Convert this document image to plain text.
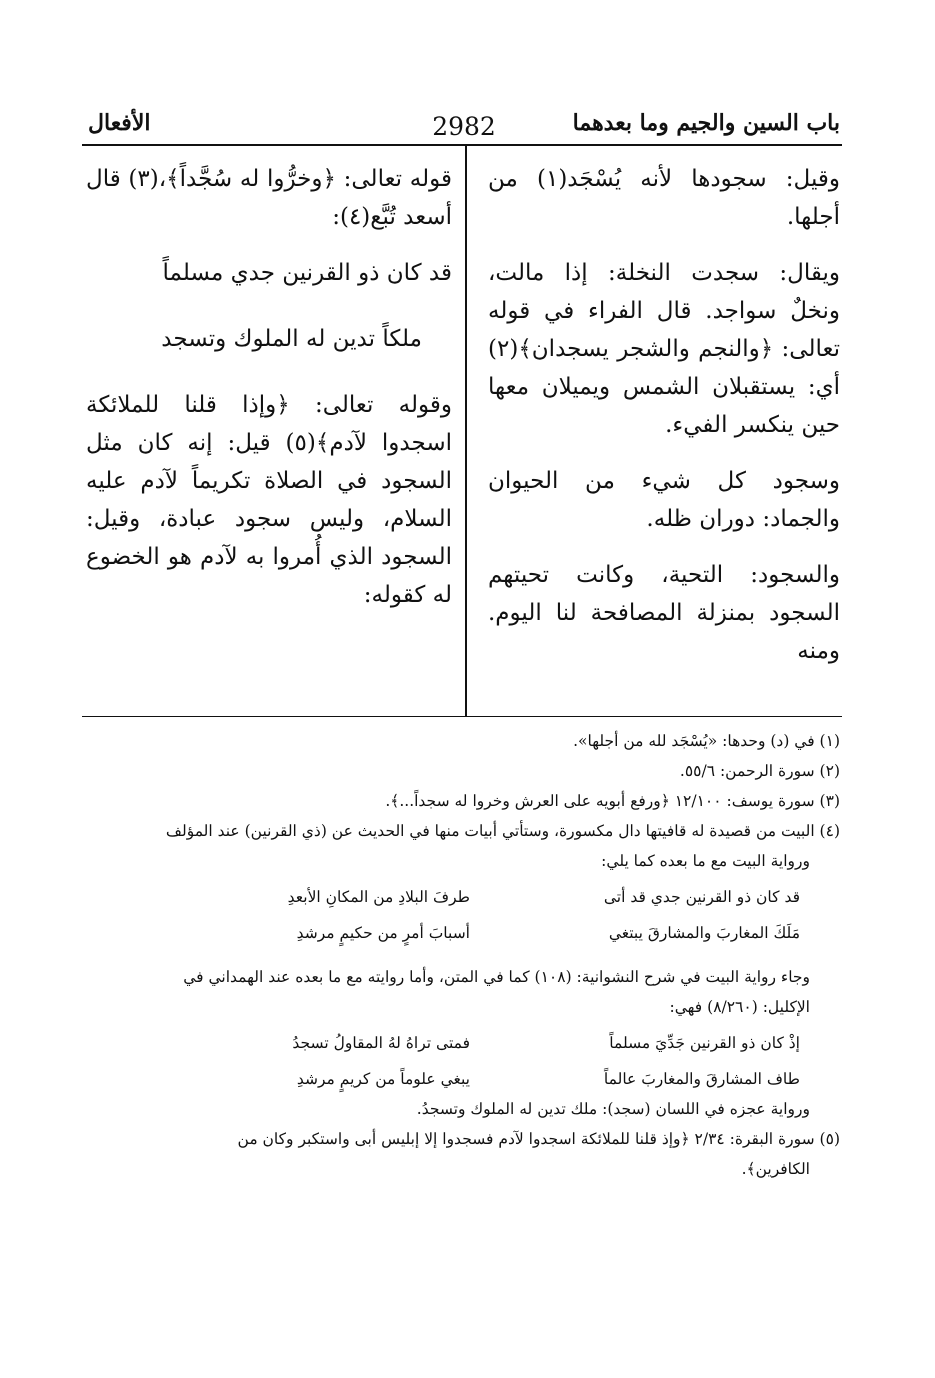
باب السين والجيم وما بعدهما
2982
الأفعال

وقيل: سجودها لأنه يُسْجَد(١) من أجلها.

ويقال: سجدت النخلة: إذا مالت، ونخلٌ سواجد. قال الفراء في قوله تعالى: ﴿والنجم والشجر يسجدان﴾(٢) أي: يستقبلان الشمس ويميلان معها حين ينكسر الفيء.

وسجود كل شيء من الحيوان والجماد: دوران ظله.

والسجود: التحية، وكانت تحيتهم السجود بمنزلة المصافحة لنا اليوم. ومنه

قوله تعالى: ﴿وخرُّوا له سُجَّداً﴾،(٣) قال أسعد تُبَّع(٤):

قد كان ذو القرنين جدي مسلماً
ملكاً تدين له الملوك وتسجد

وقوله تعالى: ﴿وإذا قلنا للملائكة اسجدوا لآدم﴾(٥) قيل: إنه كان مثل السجود في الصلاة تكريماً لآدم عليه السلام، وليس سجود عبادة، وقيل: السجود الذي أُمروا به لآدم هو الخضوع له كقوله:

(١) في (د) وحدها: «يُسْجَد لله من أجلها».

(٢) سورة الرحمن: ٥٥/٦.

(٣) سورة يوسف: ١٢/١٠٠ ﴿ورفع أبويه على العرش وخروا له سجداً...﴾.

(٤) البيت من قصيدة له قافيتها دال مكسورة، وستأتي أبيات منها في الحديث عن (ذي القرنين) عند المؤلف

ورواية البيت مع ما بعده كما يلي:

قد كان ذو القرنين جدي قد أتى
طرفَ البلادِ من المكانِ الأبعدِ
مَلَكَ المغاربَ والمشارقَ يبتغي
أسبابَ أمرٍ من حكيمٍ مرشدِ

وجاء رواية البيت في شرح النشوانية: (١٠٨) كما في المتن، وأما روايته مع ما بعده عند الهمداني في

الإكليل: (٨/٢٦٠) فهي:

إذْ كان ذو القرنين جَدِّيَ مسلماً
فمتى تراهُ لهُ المقاولُ تسجدُ
طاف المشارقَ والمغاربَ عالماً
يبغي علوماً من كريمٍ مرشدِ

ورواية عجزه في اللسان (سجد): ملك تدين له الملوك وتسجدُ.

(٥) سورة البقرة: ٢/٣٤ ﴿وإذ قلنا للملائكة اسجدوا لآدم فسجدوا إلا إبليس أبى واستكبر وكان من

الكافرين﴾.
